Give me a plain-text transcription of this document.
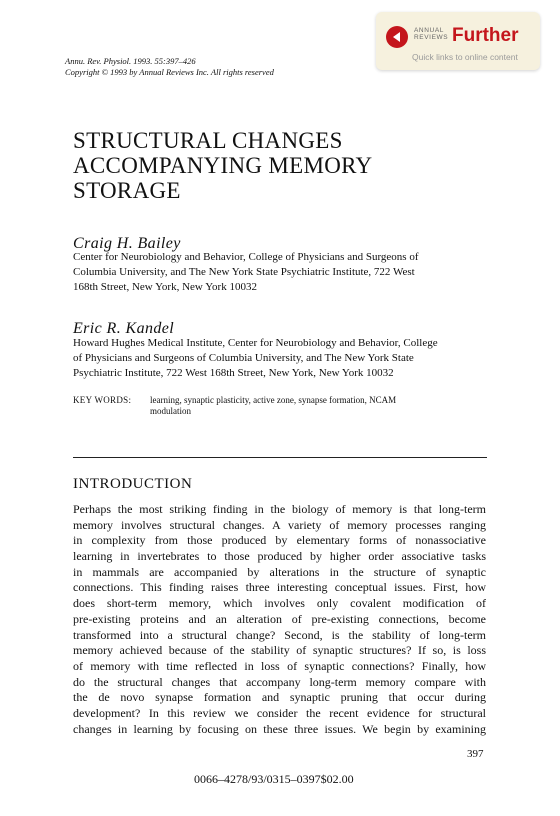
ANNUAL
REVIEWS Further
Quick links to online content
Annu. Rev. Physiol. 1993. 55:397–426
Copyright © 1993 by Annual Reviews Inc. All rights reserved
STRUCTURAL CHANGES
ACCOMPANYING MEMORY
STORAGE
Craig H. Bailey
Center for Neurobiology and Behavior, College of Physicians and Surgeons of
Columbia University, and The New York State Psychiatric Institute, 722 West
168th Street, New York, New York 10032
Eric R. Kandel
Howard Hughes Medical Institute, Center for Neurobiology and Behavior, College
of Physicians and Surgeons of Columbia University, and The New York State
Psychiatric Institute, 722 West 168th Street, New York, New York 10032
KEY WORDS: learning, synaptic plasticity, active zone, synapse formation, NCAM
modulation
INTRODUCTION
Perhaps the most striking finding in the biology of memory is that long-term
memory involves structural changes. A variety of memory processes ranging
in complexity from those produced by elementary forms of nonassociative
learning in invertebrates to those produced by higher order associative tasks
in mammals are accompanied by alterations in the structure of synaptic
connections. This finding raises three interesting conceptual issues. First, how
does short-term memory, which involves only covalent modification of
pre-existing proteins and an alteration of pre-existing connections, become
transformed into a structural change? Second, is the stability of long-term
memory achieved because of the stability of synaptic structures? If so, is loss
of memory with time reflected in loss of synaptic connections? Finally, how
do the structural changes that accompany long-term memory compare with
the de novo synapse formation and synaptic pruning that occur during
development? In this review we consider the recent evidence for structural
changes in learning by focusing on these three issues. We begin by examining
397
0066–4278/93/0315–0397$02.00
